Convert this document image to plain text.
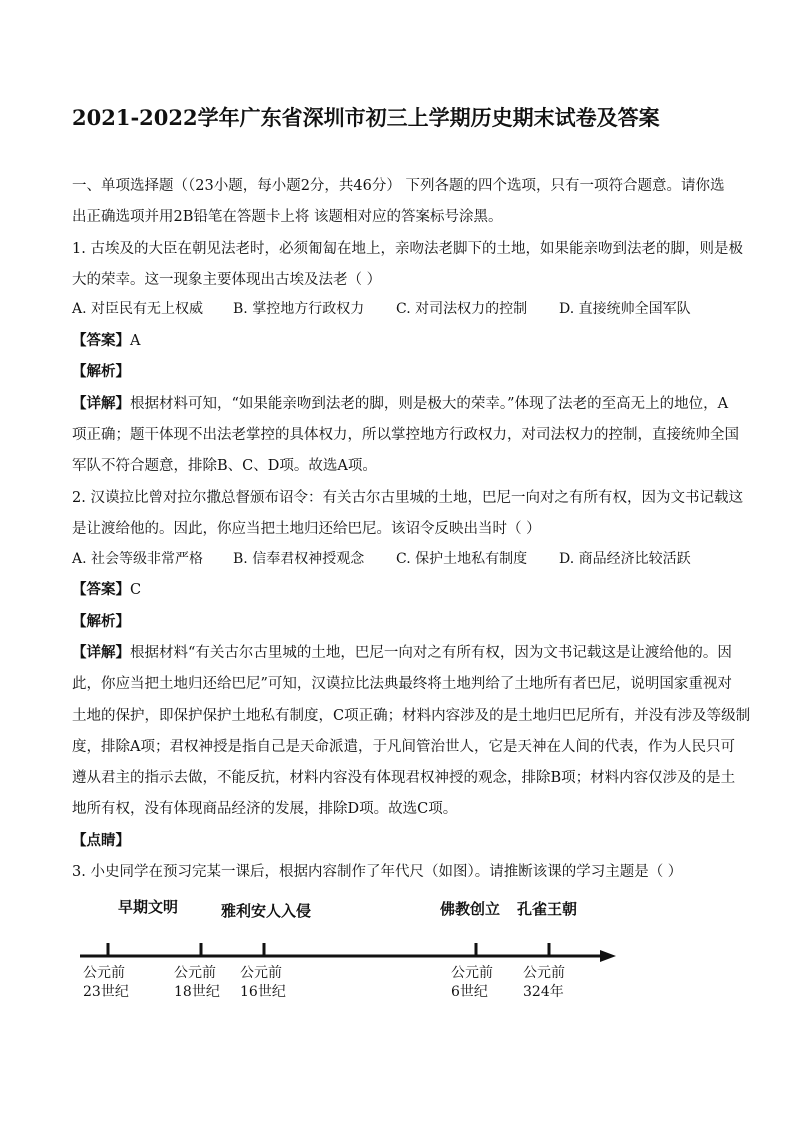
2021-2022学年广东省深圳市初三上学期历史期末试卷及答案
一、单项选择题（（23小题，每小题2分，共46分） 下列各题的四个选项，只有一项符合题意。请你选
出正确选项并用2B铅笔在答题卡上将 该题相对应的答案标号涂黑。
1. 古埃及的大臣在朝见法老时，必须匍匐在地上，亲吻法老脚下的土地，如果能亲吻到法老的脚，则是极
大的荣幸。这一现象主要体现出古埃及法老（ ）
A. 对臣民有无上权威 B. 掌控地方行政权力 C. 对司法权力的控制 D. 直接统帅全国军队
【答案】A
【解析】
【详解】根据材料可知，“如果能亲吻到法老的脚，则是极大的荣幸。”体现了法老的至高无上的地位，A
项正确；题干体现不出法老掌控的具体权力，所以掌控地方行政权力，对司法权力的控制，直接统帅全国
军队不符合题意，排除B、C、D项。故选A项。
2. 汉谟拉比曾对拉尔撒总督颁布诏令：有关古尔古里城的土地，巴尼一向对之有所有权，因为文书记载这
是让渡给他的。因此，你应当把土地归还给巴尼。该诏令反映出当时（ ）
A. 社会等级非常严格 B. 信奉君权神授观念 C. 保护土地私有制度 D. 商品经济比较活跃
【答案】C
【解析】
【详解】根据材料“有关古尔古里城的土地，巴尼一向对之有所有权，因为文书记载这是让渡给他的。因
此，你应当把土地归还给巴尼”可知，汉谟拉比法典最终将土地判给了土地所有者巴尼，说明国家重视对
土地的保护，即保护保护土地私有制度，C项正确；材料内容涉及的是土地归巴尼所有，并没有涉及等级制
度，排除A项；君权神授是指自己是天命派遣，于凡间管治世人，它是天神在人间的代表，作为人民只可
遵从君主的指示去做，不能反抗，材料内容没有体现君权神授的观念，排除B项；材料内容仅涉及的是土
地所有权，没有体现商品经济的发展，排除D项。故选C项。
【点睛】
3. 小史同学在预习完某一课后，根据内容制作了年代尺（如图）。请推断该课的学习主题是（ ）
早期文明	雅利安人入侵	佛教创立 孔雀王朝
公元前
23世纪
公元前
18世纪
公元前
16世纪
公元前
6世纪
公元前
324年
